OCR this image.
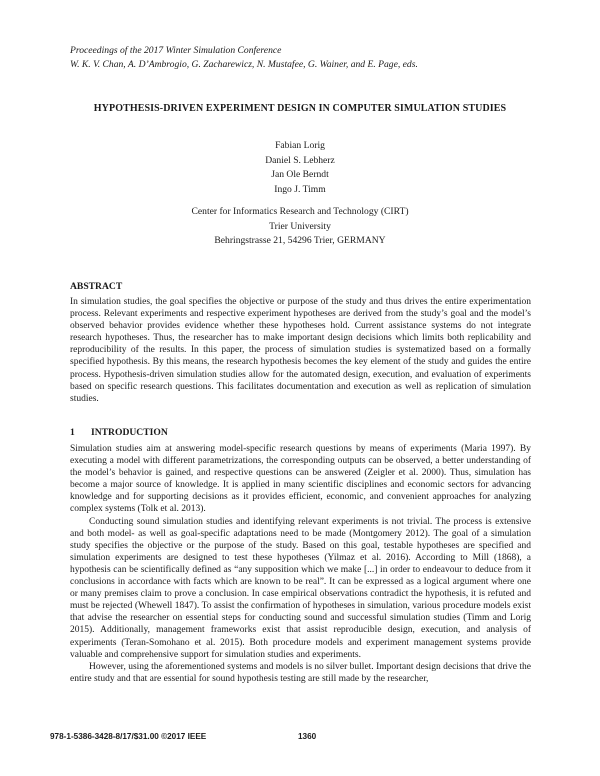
Proceedings of the 2017 Winter Simulation Conference
W. K. V. Chan, A. D’Ambrogio, G. Zacharewicz, N. Mustafee, G. Wainer, and E. Page, eds.
HYPOTHESIS-DRIVEN EXPERIMENT DESIGN IN COMPUTER SIMULATION STUDIES
Fabian Lorig
Daniel S. Lebherz
Jan Ole Berndt
Ingo J. Timm
Center for Informatics Research and Technology (CIRT)
Trier University
Behringstrasse 21, 54296 Trier, GERMANY
ABSTRACT
In simulation studies, the goal specifies the objective or purpose of the study and thus drives the entire experimentation process. Relevant experiments and respective experiment hypotheses are derived from the study’s goal and the model’s observed behavior provides evidence whether these hypotheses hold. Current assistance systems do not integrate research hypotheses. Thus, the researcher has to make important design decisions which limits both replicability and reproducibility of the results. In this paper, the process of simulation studies is systematized based on a formally specified hypothesis. By this means, the research hypothesis becomes the key element of the study and guides the entire process. Hypothesis-driven simulation studies allow for the automated design, execution, and evaluation of experiments based on specific research questions. This facilitates documentation and execution as well as replication of simulation studies.
1 INTRODUCTION

Simulation studies aim at answering model-specific research questions by means of experiments (Maria 1997). By executing a model with different parametrizations, the corresponding outputs can be observed, a better understanding of the model’s behavior is gained, and respective questions can be answered (Zeigler et al. 2000). Thus, simulation has become a major source of knowledge. It is applied in many scientific disciplines and economic sectors for advancing knowledge and for supporting decisions as it provides efficient, economic, and convenient approaches for analyzing complex systems (Tolk et al. 2013).

Conducting sound simulation studies and identifying relevant experiments is not trivial. The process is extensive and both model- as well as goal-specific adaptations need to be made (Montgomery 2012). The goal of a simulation study specifies the objective or the purpose of the study. Based on this goal, testable hypotheses are specified and simulation experiments are designed to test these hypotheses (Yilmaz et al. 2016). According to Mill (1868), a hypothesis can be scientifically defined as “any supposition which we make [...] in order to endeavour to deduce from it conclusions in accordance with facts which are known to be real”. It can be expressed as a logical argument where one or many premises claim to prove a conclusion. In case empirical observations contradict the hypothesis, it is refuted and must be rejected (Whewell 1847). To assist the confirmation of hypotheses in simulation, various procedure models exist that advise the researcher on essential steps for conducting sound and successful simulation studies (Timm and Lorig 2015). Additionally, management frameworks exist that assist reproducible design, execution, and analysis of experiments (Teran-Somohano et al. 2015). Both procedure models and experiment management systems provide valuable and comprehensive support for simulation studies and experiments.

However, using the aforementioned systems and models is no silver bullet. Important design decisions that drive the entire study and that are essential for sound hypothesis testing are still made by the researcher,

978-1-5386-3428-8/17/$31.00 ©2017 IEEE	1360
